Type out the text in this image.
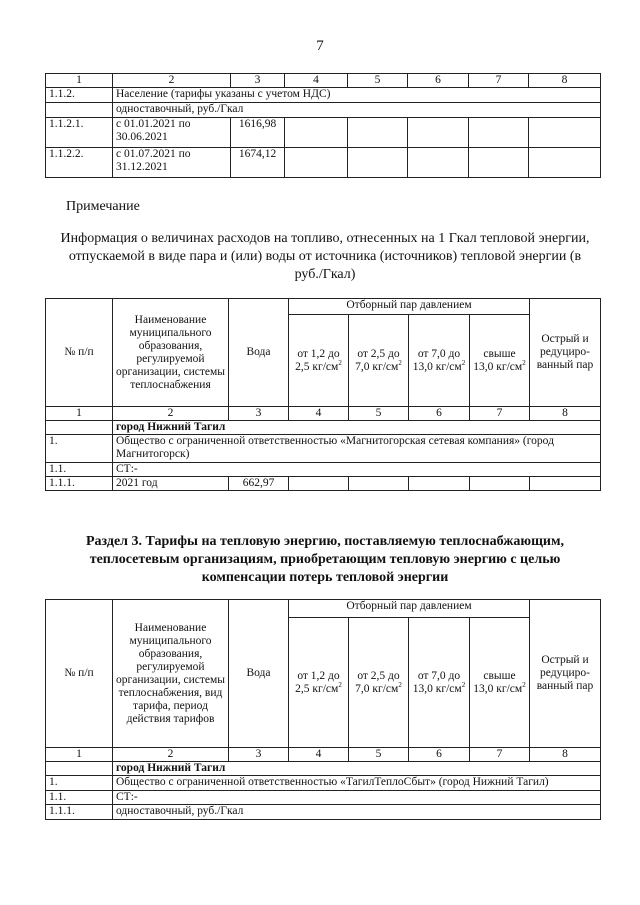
7
1	2	3	4	5	6	7	8
1.1.2.	Население (тарифы указаны с учетом НДС)						
	одноставочный, руб./Гкал						
1.1.2.1.	с 01.01.2021 по 30.06.2021	1616,98					
1.1.2.2.	с 01.07.2021 по 31.12.2021	1674,12					
Примечание
Информация о величинах расходов на топливо, отнесенных на 1 Гкал тепловой энергии, отпускаемой в виде пара и (или) воды от источника (источников) тепловой энергии (в руб./Гкал)
№ п/п	Наименование муниципального образования, регулируемой организации, системы теплоснабжения	Вода	Отборный пар давлением				Острый и редуциро-ванный пар
			от 1,2 до 2,5 $кг/см^2$	от 2,5 до 7,0 $кг/см^2$	от 7,0 до 13,0 $кг/см^2$	свыше 13,0 $кг/см^2$
1	2	3	4	5	6	7	8
	город Нижний Тагил						
1.	Общество с ограниченной ответственностью «Магнитогорская сетевая компания» (город Магнитогорск)						
1.1.	СТ:-						
1.1.1.	2021 год	662,97					
Раздел 3. Тарифы на тепловую энергию, поставляемую теплоснабжающим, теплосетевым организациям, приобретающим тепловую энергию с целью компенсации потерь тепловой энергии
№ п/п	Наименование муниципального образования, регулируемой организации, системы теплоснабжения, вид тарифа, период действия тарифов	Вода	Отборный пар давлением				Острый и редуциро-ванный пар
			от 1,2 до 2,5 $кг/см^2$	от 2,5 до 7,0 $кг/см^2$	от 7,0 до 13,0 $кг/см^2$	свыше 13,0 $кг/см^2$
1	2	3	4	5	6	7	8
	город Нижний Тагил						
1.	Общество с ограниченной ответственностью «ТагилТеплоСбыт» (город Нижний Тагил)						
1.1.	СТ:-						
1.1.1.	одноставочный, руб./Гкал						
